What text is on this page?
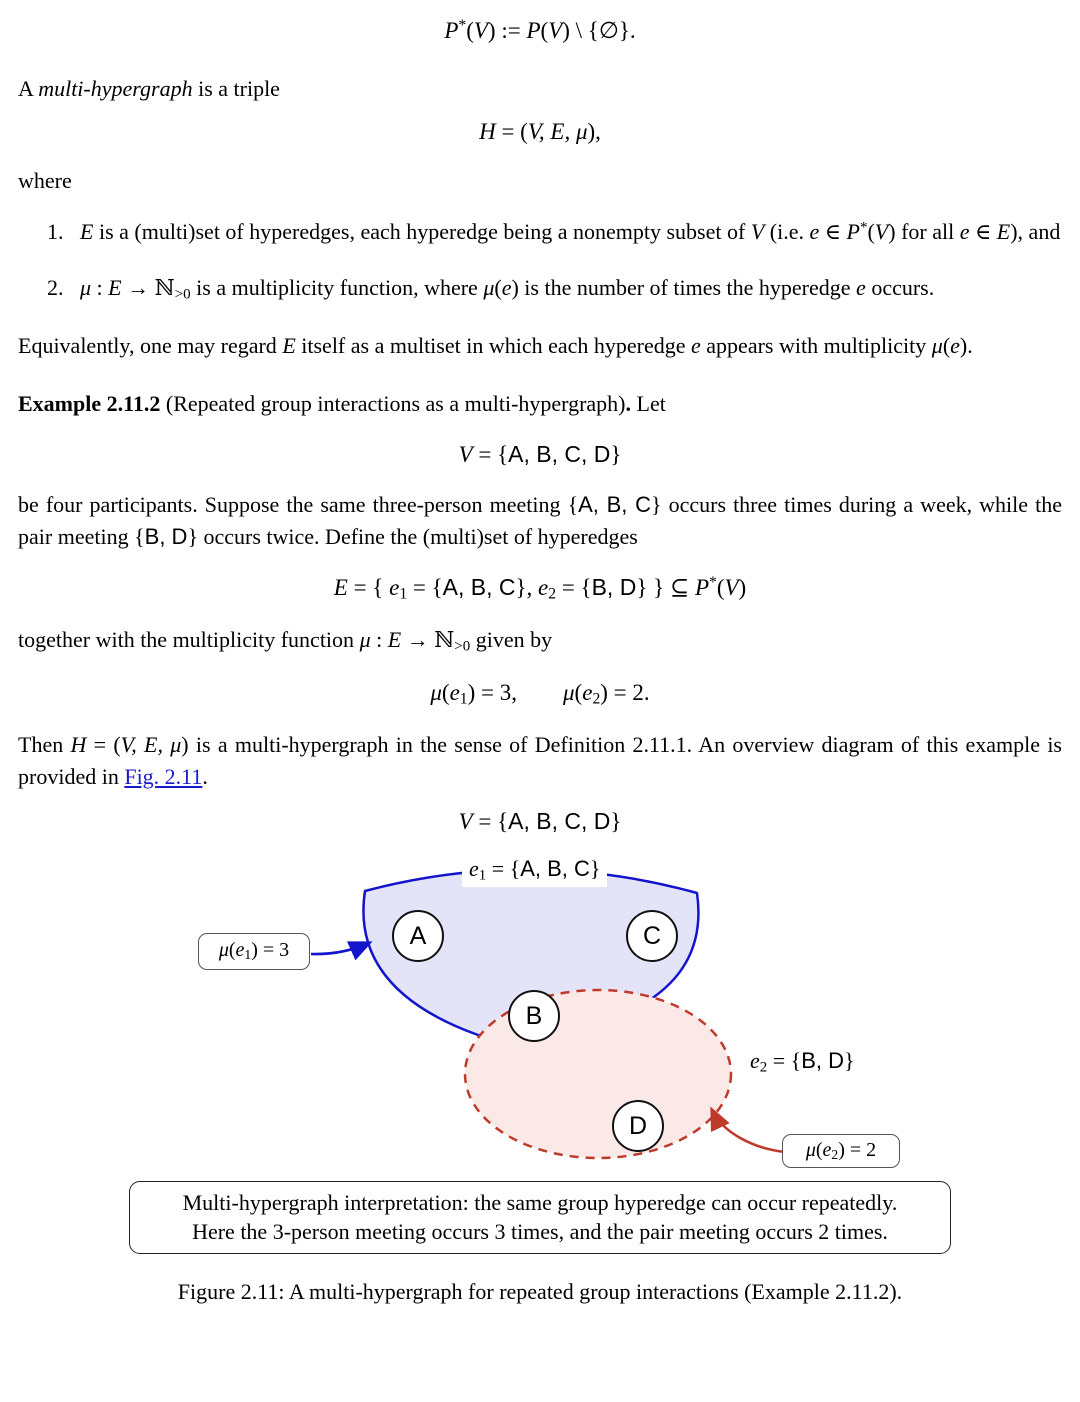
P*(V) := P(V) \ {∅}.

A multi-hypergraph is a triple

H = (V, E, μ),

where

1. E is a (multi)set of hyperedges, each hyperedge being a nonempty subset of V (i.e. e ∈ P*(V) for all e ∈ E), and
2. μ : E → ℕ>0 is a multiplicity function, where μ(e) is the number of times the hyperedge e occurs.

Equivalently, one may regard E itself as a multiset in which each hyperedge e appears with multiplicity μ(e).

Example 2.11.2 (Repeated group interactions as a multi-hypergraph). Let

V = {A, B, C, D}

be four participants. Suppose the same three-person meeting {A, B, C} occurs three times during a week, while the pair meeting {B, D} occurs twice. Define the (multi)set of hyperedges

E = { e1 = {A, B, C}, e2 = {B, D} } ⊆ P*(V)

together with the multiplicity function μ : E → ℕ>0 given by

μ(e1) = 3, μ(e2) = 2.

Then H = (V, E, μ) is a multi-hypergraph in the sense of Definition 2.11.1. An overview diagram of this example is provided in Fig. 2.11.

V = {A, B, C, D}
e1 = {A, B, C}
e2 = {B, D}
A
B
C
D
μ(e1) = 3
μ(e2) = 2

Multi-hypergraph interpretation: the same group hyperedge can occur repeatedly.

Here the 3-person meeting occurs 3 times, and the pair meeting occurs 2 times.

Figure 2.11: A multi-hypergraph for repeated group interactions (Example 2.11.2).
